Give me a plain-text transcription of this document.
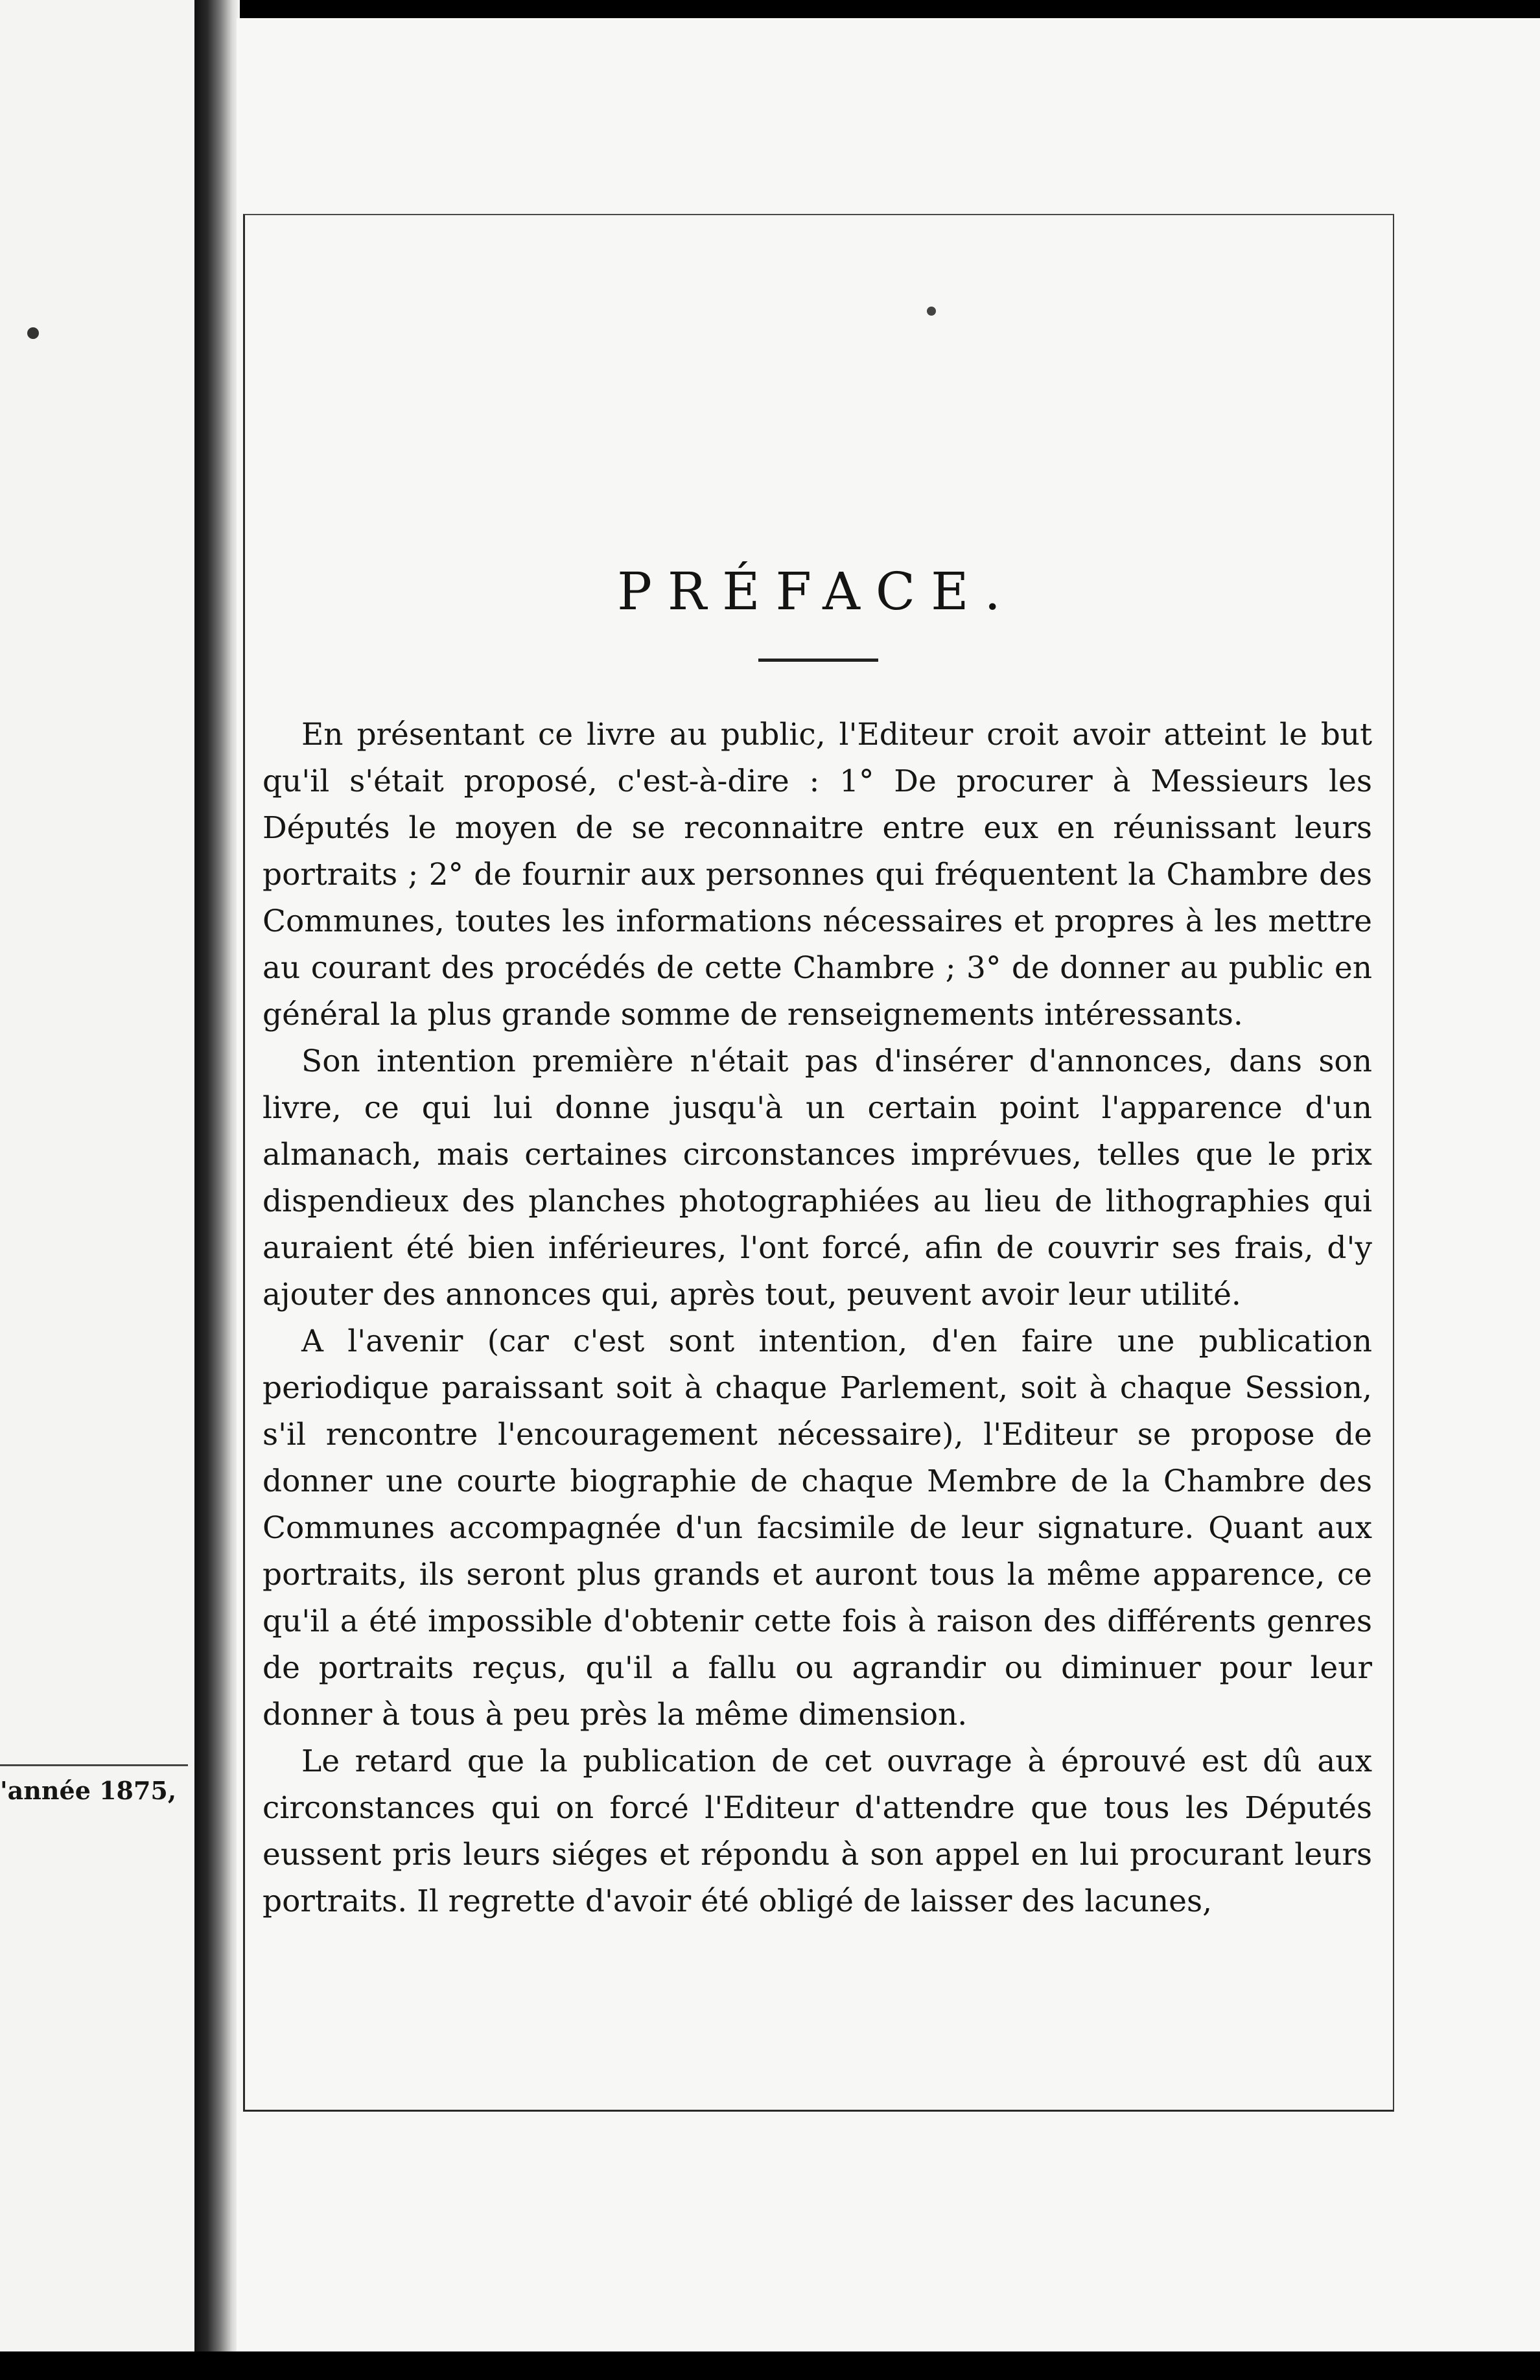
'année 1875,
PRÉFACE.

En présentant ce livre au public, l'Editeur croit avoir atteint le but qu'il s'était proposé, c'est-à-dire : 1° De procurer à Messieurs les Députés le moyen de se reconnaitre entre eux en réunissant leurs portraits ; 2° de fournir aux personnes qui fréquentent la Chambre des Communes, toutes les informations nécessaires et propres à les mettre au courant des procédés de cette Chambre ; 3° de donner au public en général la plus grande somme de renseignements intéressants.

Son intention première n'était pas d'insérer d'annonces, dans son livre, ce qui lui donne jusqu'à un certain point l'apparence d'un almanach, mais certaines circonstances imprévues, telles que le prix dispendieux des planches photographiées au lieu de lithographies qui auraient été bien inférieures, l'ont forcé, afin de couvrir ses frais, d'y ajouter des annonces qui, après tout, peuvent avoir leur utilité.

A l'avenir (car c'est sont intention, d'en faire une publication periodique paraissant soit à chaque Parlement, soit à chaque Session, s'il rencontre l'encouragement nécessaire), l'Editeur se propose de donner une courte biographie de chaque Membre de la Chambre des Communes accompagnée d'un facsimile de leur signature. Quant aux portraits, ils seront plus grands et auront tous la même apparence, ce qu'il a été impossible d'obtenir cette fois à raison des différents genres de portraits reçus, qu'il a fallu ou agrandir ou diminuer pour leur donner à tous à peu près la même dimension.

Le retard que la publication de cet ouvrage à éprouvé est dû aux circonstances qui on forcé l'Editeur d'attendre que tous les Députés eussent pris leurs siéges et répondu à son appel en lui procurant leurs portraits. Il regrette d'avoir été obligé de laisser des lacunes,
